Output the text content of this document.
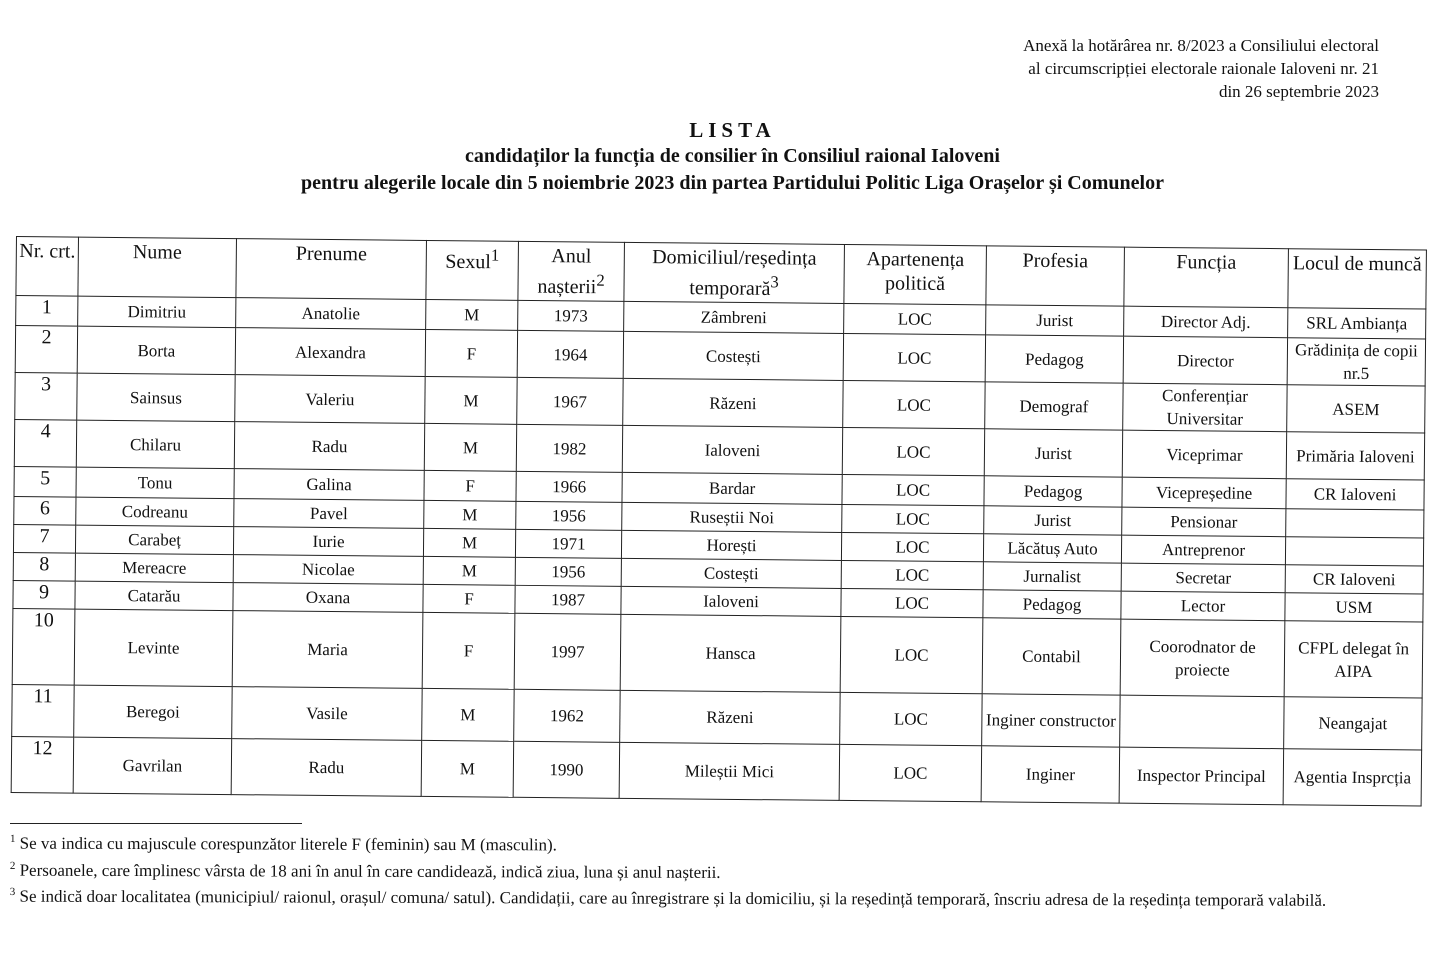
Anexă la hotărârea nr. 8/2023 a Consiliului electoral
al circumscripției electorale raionale Ialoveni nr. 21
din 26 septembrie 2023
LISTA
candidaților la funcția de consilier în Consiliul raional Ialoveni
pentru alegerile locale din 5 noiembrie 2023 din partea Partidului Politic Liga Orașelor și Comunelor
Nr. crt.	Nume	Prenume	Sexul$^1$	Anul nașterii$^2$	Domiciliul/reședința temporară$^3$	Apartenența politică	Profesia	Funcția	Locul de muncă
1	Dimitriu	Anatolie	M	1973	Zâmbreni	LOC	Jurist	Director Adj.	SRL Ambianța
2	Borta	Alexandra	F	1964	Costești	LOC	Pedagog	Director	Grădinița de copii nr.5
3	Sainsus	Valeriu	M	1967	Răzeni	LOC	Demograf	Conferențiar Universitar	ASEM
4	Chilaru	Radu	M	1982	Ialoveni	LOC	Jurist	Viceprimar	Primăria Ialoveni
5	Tonu	Galina	F	1966	Bardar	LOC	Pedagog	Vicepreședine	CR Ialoveni
6	Codreanu	Pavel	M	1956	Ruseștii Noi	LOC	Jurist	Pensionar	
7	Carabeț	Iurie	M	1971	Horești	LOC	Lăcătuș Auto	Antreprenor	
8	Mereacre	Nicolae	M	1956	Costești	LOC	Jurnalist	Secretar	CR Ialoveni
9	Catarău	Oxana	F	1987	Ialoveni	LOC	Pedagog	Lector	USM
10	Levinte	Maria	F	1997	Hansca	LOC	Contabil	Coorodnator de proiecte	CFPL delegat în AIPA
11	Beregoi	Vasile	M	1962	Răzeni	LOC	Inginer constructor		Neangajat
12	Gavrilan	Radu	M	1990	Mileștii Mici	LOC	Inginer	Inspector Principal	Agentia Insprcția
$^1$ Se va indica cu majuscule corespunzător literele F (feminin) sau M (masculin).
$^2$ Persoanele, care împlinesc vârsta de 18 ani în anul în care candidează, indică ziua, luna și anul nașterii.
$^3$ Se indică doar localitatea (municipiul/ raionul, orașul/ comuna/ satul). Candidații, care au înregistrare și la domiciliu, și la reședință temporară, înscriu adresa de la reședința temporară valabilă.
